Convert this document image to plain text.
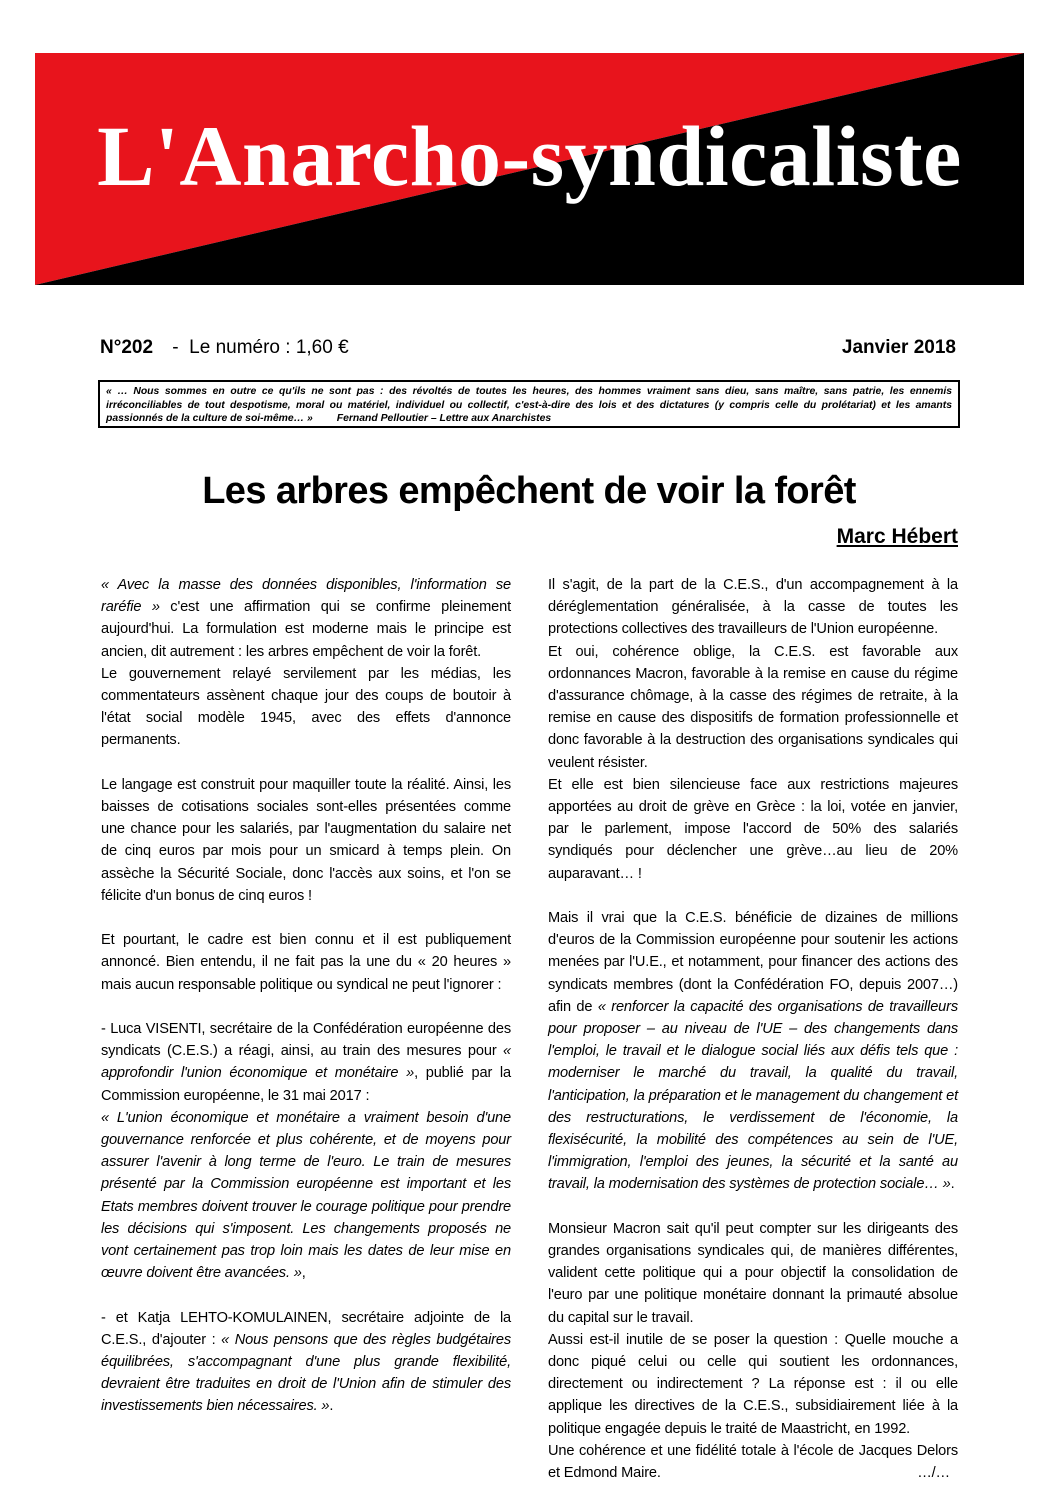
L'Anarcho-syndicaliste
N°202 -  Le numéro : 1,60 €	Janvier 2018
« … Nous sommes en outre ce qu'ils ne sont pas : des révoltés de toutes les heures, des hommes vraiment sans dieu, sans maître, sans patrie, les ennemis irréconciliables de tout despotisme, moral ou matériel, individuel ou collectif, c'est-à-dire des lois et des dictatures (y compris celle du prolétariat) et les amants passionnés de la culture de soi-même… » Fernand Pelloutier – Lettre aux Anarchistes
Les arbres empêchent de voir la forêt
Marc Hébert

« Avec la masse des données disponibles, l'information se raréfie » c'est une affirmation qui se confirme pleinement aujourd'hui. La formulation est moderne mais le principe est ancien, dit autrement : les arbres empêchent de voir la forêt.

Le gouvernement relayé servilement par les médias, les commentateurs assènent chaque jour des coups de boutoir à l'état social modèle 1945, avec des effets d'annonce permanents.

Le langage est construit pour maquiller toute la réalité. Ainsi, les baisses de cotisations sociales sont-elles présentées comme une chance pour les salariés, par l'augmentation du salaire net de cinq euros par mois pour un smicard à temps plein. On assèche la Sécurité Sociale, donc l'accès aux soins, et l'on se félicite d'un bonus de cinq euros !

Et pourtant, le cadre est bien connu et il est publiquement annoncé. Bien entendu, il ne fait pas la une du « 20 heures » mais aucun responsable politique ou syndical ne peut l'ignorer :

- Luca VISENTI, secrétaire de la Confédération européenne des syndicats (C.E.S.) a réagi, ainsi, au train des mesures pour « approfondir l'union économique et monétaire », publié par la Commission européenne, le 31 mai 2017 :

« L'union économique et monétaire a vraiment besoin d'une gouvernance renforcée et plus cohérente, et de moyens pour assurer l'avenir à long terme de l'euro. Le train de mesures présenté par la Commission européenne est important et les Etats membres doivent trouver le courage politique pour prendre les décisions qui s'imposent. Les changements proposés ne vont certainement pas trop loin mais les dates de leur mise en œuvre doivent être avancées. »,

- et Katja LEHTO-KOMULAINEN, secrétaire adjointe de la C.E.S., d'ajouter : « Nous pensons que des règles budgétaires équilibrées, s'accompagnant d'une plus grande flexibilité, devraient être traduites en droit de l'Union afin de stimuler des investissements bien nécessaires. ».

Il s'agit, de la part de la C.E.S., d'un accompagnement à la déréglementation généralisée, à la casse de toutes les protections collectives des travailleurs de l'Union européenne.

Et oui, cohérence oblige, la C.E.S. est favorable aux ordonnances Macron, favorable à la remise en cause du régime d'assurance chômage, à la casse des régimes de retraite, à la remise en cause des dispositifs de formation professionnelle et donc favorable à la destruction des organisations syndicales qui veulent résister.

Et elle est bien silencieuse face aux restrictions majeures apportées au droit de grève en Grèce : la loi, votée en janvier, par le parlement, impose l'accord de 50% des salariés syndiqués pour déclencher une grève…au lieu de 20% auparavant… !

Mais il vrai que la C.E.S. bénéficie de dizaines de millions d'euros de la Commission européenne pour soutenir les actions menées par l'U.E., et notamment, pour financer des actions des syndicats membres (dont la Confédération FO, depuis 2007…) afin de « renforcer la capacité des organisations de travailleurs pour proposer – au niveau de l'UE – des changements dans l'emploi, le travail et le dialogue social liés aux défis tels que : moderniser le marché du travail, la qualité du travail, l'anticipation, la préparation et le management du changement et des restructurations, le verdissement de l'économie, la flexisécurité, la mobilité des compétences au sein de l'UE, l'immigration, l'emploi des jeunes, la sécurité et la santé au travail, la modernisation des systèmes de protection sociale… ».

Monsieur Macron sait qu'il peut compter sur les dirigeants des grandes organisations syndicales qui, de manières différentes, valident cette politique qui a pour objectif la consolidation de l'euro par une politique monétaire donnant la primauté absolue du capital sur le travail.

Aussi est-il inutile de se poser la question : Quelle mouche a donc piqué celui ou celle qui soutient les ordonnances, directement ou indirectement ? La réponse est : il ou elle applique les directives de la C.E.S., subsidiairement liée à la politique engagée depuis le traité de Maastricht, en 1992.

Une cohérence et une fidélité totale à l'école de Jacques Delors et Edmond Maire.	…/…
